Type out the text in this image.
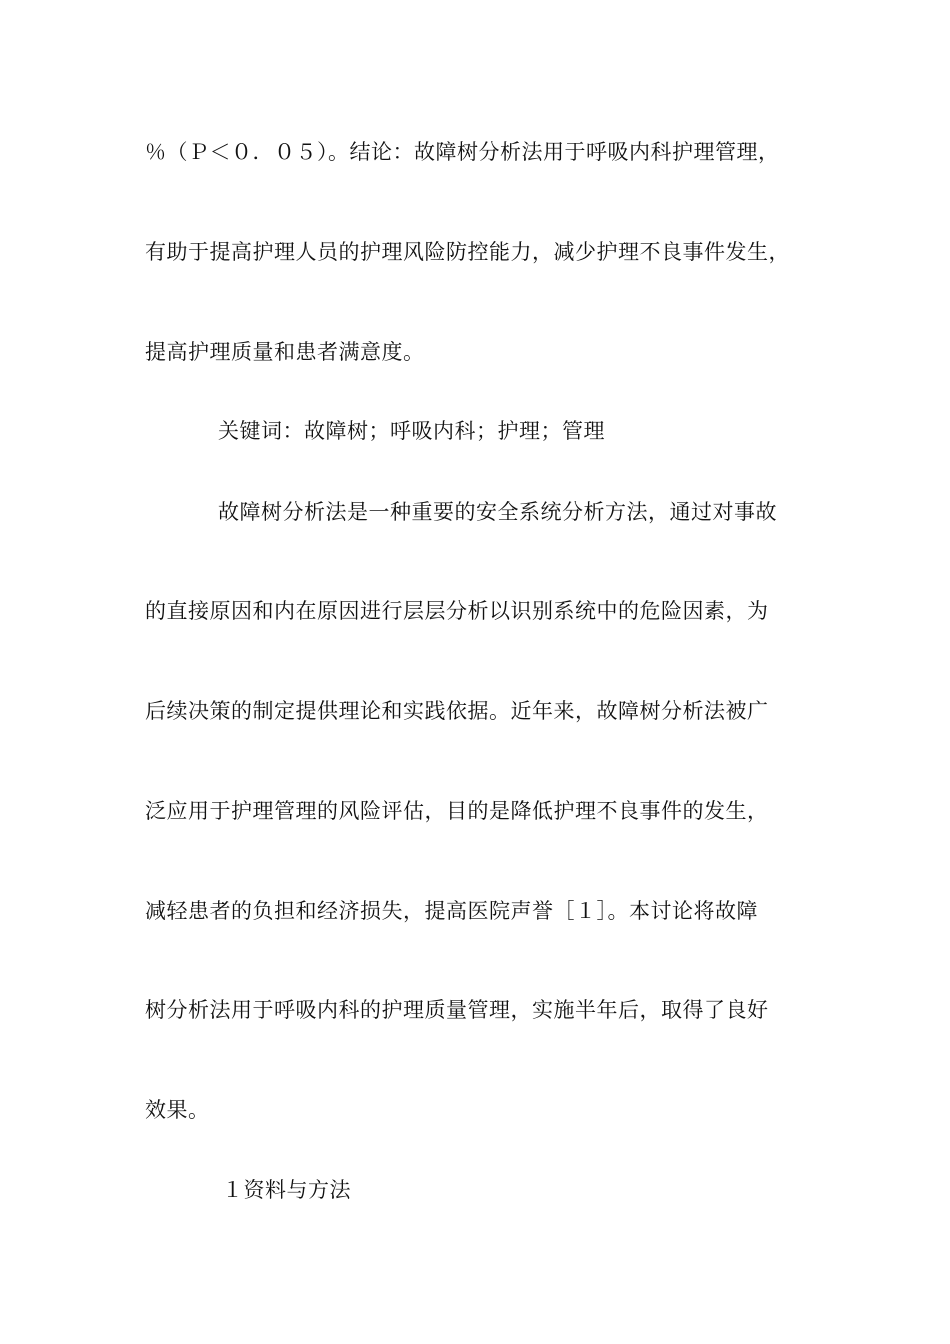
％（Ｐ＜０．０５）。结论：故障树分析法用于呼吸内科护理管理，
有助于提高护理人员的护理风险防控能力，减少护理不良事件发生，
提高护理质量和患者满意度。
关键词：故障树；呼吸内科；护理；管理
故障树分析法是一种重要的安全系统分析方法，通过对事故
的直接原因和内在原因进行层层分析以识别系统中的危险因素，为
后续决策的制定提供理论和实践依据。近年来，故障树分析法被广
泛应用于护理管理的风险评估，目的是降低护理不良事件的发生，
减轻患者的负担和经济损失，提高医院声誉［１］。本讨论将故障
树分析法用于呼吸内科的护理质量管理，实施半年后，取得了良好
效果。
１资料与方法
